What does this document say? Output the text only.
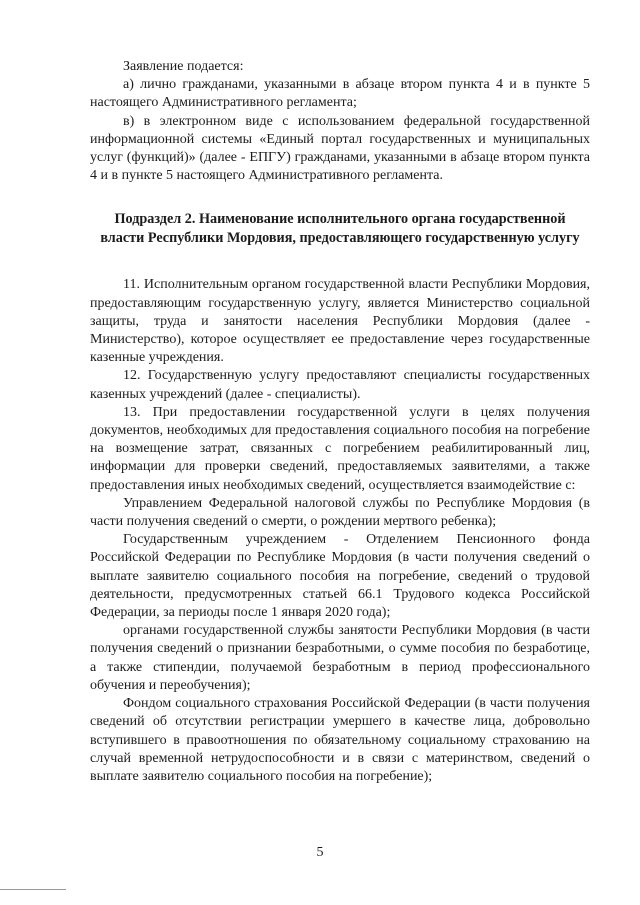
Заявление подается:

а) лично гражданами, указанными в абзаце втором пункта 4 и в пункте 5 настоящего Административного регламента;

в) в электронном виде с использованием федеральной государственной информационной системы «Единый портал государственных и муниципальных услуг (функций)» (далее - ЕПГУ) гражданами, указанными в абзаце втором пункта 4 и в пункте 5 настоящего Административного регламента.

Подраздел 2. Наименование исполнительного органа государственной власти Республики Мордовия, предоставляющего государственную услугу

11. Исполнительным органом государственной власти Республики Мордовия, предоставляющим государственную услугу, является Министерство социальной защиты, труда и занятости населения Республики Мордовия (далее - Министерство), которое осуществляет ее предоставление через государственные казенные учреждения.

12. Государственную услугу предоставляют специалисты государственных казенных учреждений (далее - специалисты).

13. При предоставлении государственной услуги в целях получения документов, необходимых для предоставления социального пособия на погребение на возмещение затрат, связанных с погребением реабилитированный лиц, информации для проверки сведений, предоставляемых заявителями, а также предоставления иных необходимых сведений, осуществляется взаимодействие с:

Управлением Федеральной налоговой службы по Республике Мордовия (в части получения сведений о смерти, о рождении мертвого ребенка);

Государственным учреждением - Отделением Пенсионного фонда Российской Федерации по Республике Мордовия (в части получения сведений о выплате заявителю социального пособия на погребение, сведений о трудовой деятельности, предусмотренных статьей 66.1 Трудового кодекса Российской Федерации, за периоды после 1 января 2020 года);

органами государственной службы занятости Республики Мордовия (в части получения сведений о признании безработными, о сумме пособия по безработице, а также стипендии, получаемой безработным в период профессионального обучения и переобучения);

Фондом социального страхования Российской Федерации (в части получения сведений об отсутствии регистрации умершего в качестве лица, добровольно вступившего в правоотношения по обязательному социальному страхованию на случай временной нетрудоспособности и в связи с материнством, сведений о выплате заявителю социального пособия на погребение);

5
